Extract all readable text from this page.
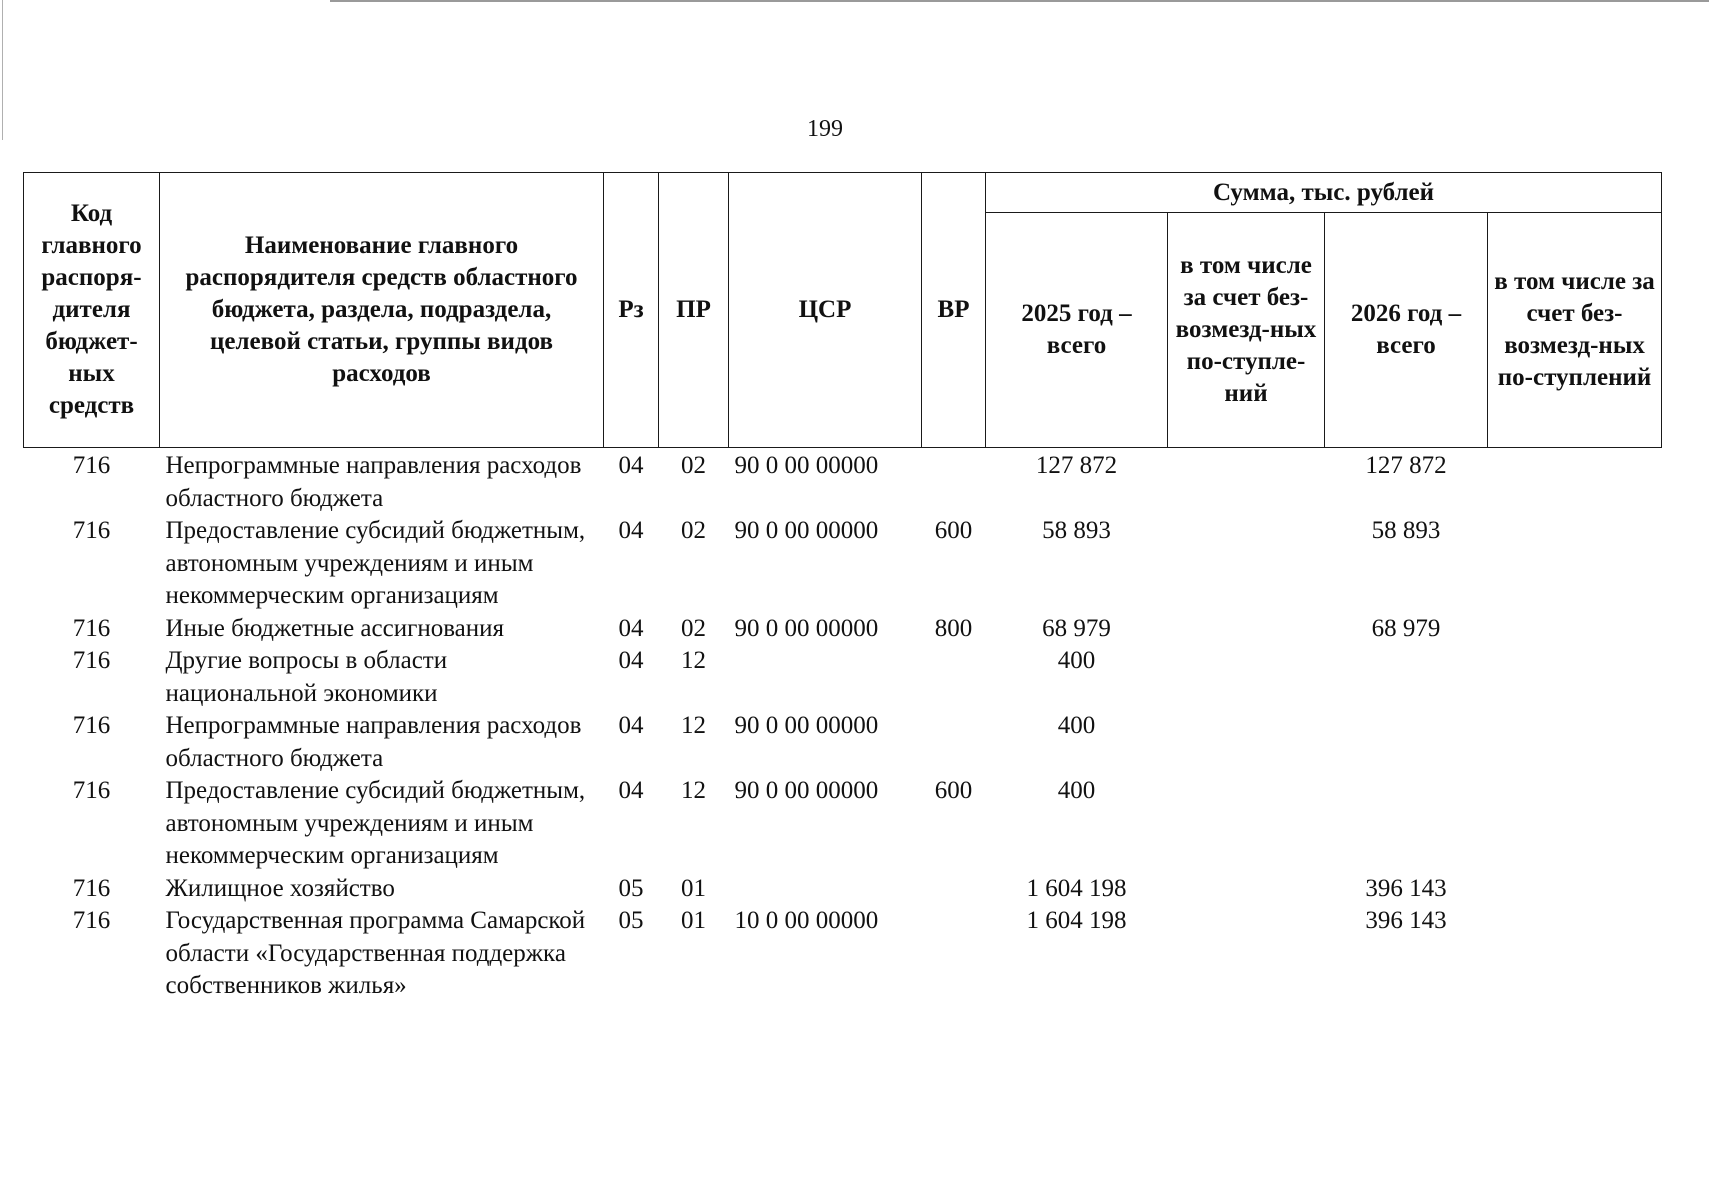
199
Код главного распоря-дителя бюджет-ных средств	Наименование главного распорядителя средств областного бюджета, раздела, подраздела, целевой статьи, группы видов расходов	Рз	ПР	ЦСР	ВР	Сумма, тыс. рублей			
						2025 год – всего	в том числе за счет без-возмезд-ных по-ступле-ний	2026 год – всего	в том числе за счет без-возмезд-ных по-ступлений
716	Непрограммные направления расходов областного бюджета	04	02	90 0 00 00000		127 872		127 872	
716	Предоставление субсидий бюджетным, автономным учреждениям и иным некоммерческим организациям	04	02	90 0 00 00000	600	58 893		58 893	
716	Иные бюджетные ассигнования	04	02	90 0 00 00000	800	68 979		68 979	
716	Другие вопросы в области национальной экономики	04	12			400			
716	Непрограммные направления расходов областного бюджета	04	12	90 0 00 00000		400			
716	Предоставление субсидий бюджетным, автономным учреждениям и иным некоммерческим организациям	04	12	90 0 00 00000	600	400			
716	Жилищное хозяйство	05	01			1 604 198		396 143	
716	Государственная программа Самарской области «Государственная поддержка собственников жилья»	05	01	10 0 00 00000		1 604 198		396 143	
